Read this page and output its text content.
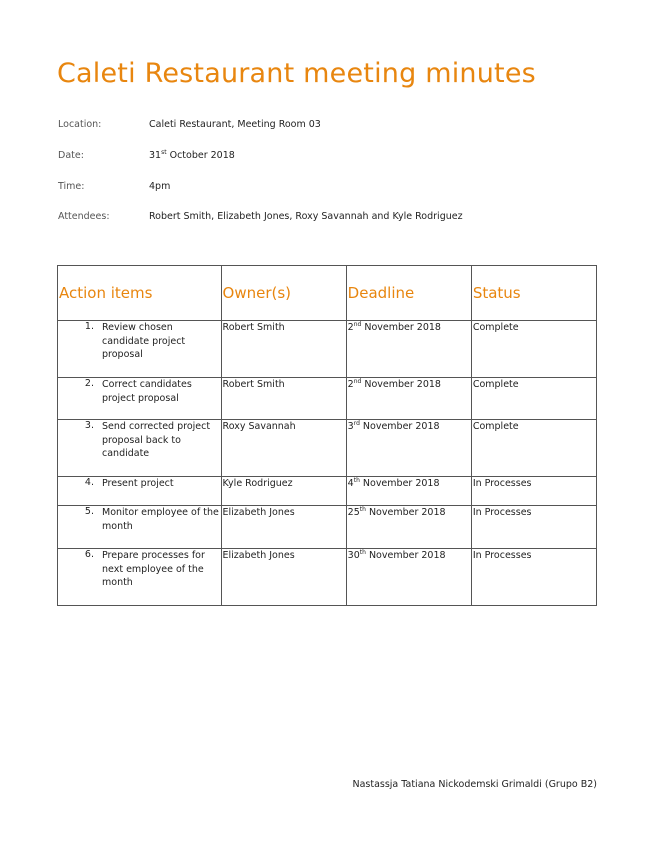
Caleti Restaurant meeting minutes
Location:	Caleti Restaurant, Meeting Room 03
Date:	31st October 2018
Time:	4pm
Attendees:	Robert Smith, Elizabeth Jones, Roxy Savannah and Kyle Rodriguez
Action items	Owner(s)	Deadline	Status

1. Review chosen candidate project proposal	Robert Smith	2nd November 2018	Complete

2. Correct candidates project proposal	Robert Smith	2nd November 2018	Complete

3. Send corrected project proposal back to candidate	Roxy Savannah	3rd November 2018	Complete

4. Present project	Kyle Rodriguez	4th November 2018	In Processes

5. Monitor employee of the month	Elizabeth Jones	25th November 2018	In Processes

6. Prepare processes for next employee of the month	Elizabeth Jones	30th November 2018	In Processes
Nastassja Tatiana Nickodemski Grimaldi (Grupo B2)
